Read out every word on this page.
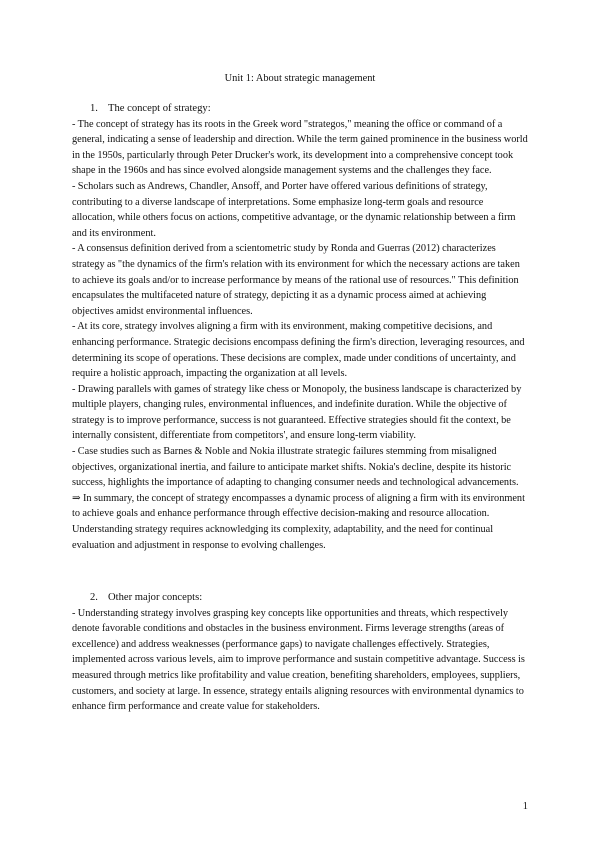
Unit 1: About strategic management
1. The concept of strategy:

- The concept of strategy has its roots in the Greek word "strategos," meaning the office or command of a general, indicating a sense of leadership and direction. While the term gained prominence in the business world in the 1950s, particularly through Peter Drucker's work, its development into a comprehensive concept took shape in the 1960s and has since evolved alongside management systems and the challenges they face.

- Scholars such as Andrews, Chandler, Ansoff, and Porter have offered various definitions of strategy, contributing to a diverse landscape of interpretations. Some emphasize long-term goals and resource allocation, while others focus on actions, competitive advantage, or the dynamic relationship between a firm and its environment.

- A consensus definition derived from a scientometric study by Ronda and Guerras (2012) characterizes strategy as "the dynamics of the firm's relation with its environment for which the necessary actions are taken to achieve its goals and/or to increase performance by means of the rational use of resources." This definition encapsulates the multifaceted nature of strategy, depicting it as a dynamic process aimed at achieving objectives amidst environmental influences.

- At its core, strategy involves aligning a firm with its environment, making competitive decisions, and enhancing performance. Strategic decisions encompass defining the firm's direction, leveraging resources, and determining its scope of operations. These decisions are complex, made under conditions of uncertainty, and require a holistic approach, impacting the organization at all levels.

- Drawing parallels with games of strategy like chess or Monopoly, the business landscape is characterized by multiple players, changing rules, environmental influences, and indefinite duration. While the objective of strategy is to improve performance, success is not guaranteed. Effective strategies should fit the context, be internally consistent, differentiate from competitors', and ensure long-term viability.

- Case studies such as Barnes & Noble and Nokia illustrate strategic failures stemming from misaligned objectives, organizational inertia, and failure to anticipate market shifts. Nokia's decline, despite its historic success, highlights the importance of adapting to changing consumer needs and technological advancements.

⇒ In summary, the concept of strategy encompasses a dynamic process of aligning a firm with its environment to achieve goals and enhance performance through effective decision-making and resource allocation. Understanding strategy requires acknowledging its complexity, adaptability, and the need for continual evaluation and adjustment in response to evolving challenges.

2. Other major concepts:

- Understanding strategy involves grasping key concepts like opportunities and threats, which respectively denote favorable conditions and obstacles in the business environment. Firms leverage strengths (areas of excellence) and address weaknesses (performance gaps) to navigate challenges effectively. Strategies, implemented across various levels, aim to improve performance and sustain competitive advantage. Success is measured through metrics like profitability and value creation, benefiting shareholders, employees, suppliers, customers, and society at large. In essence, strategy entails aligning resources with environmental dynamics to enhance firm performance and create value for stakeholders.

1
